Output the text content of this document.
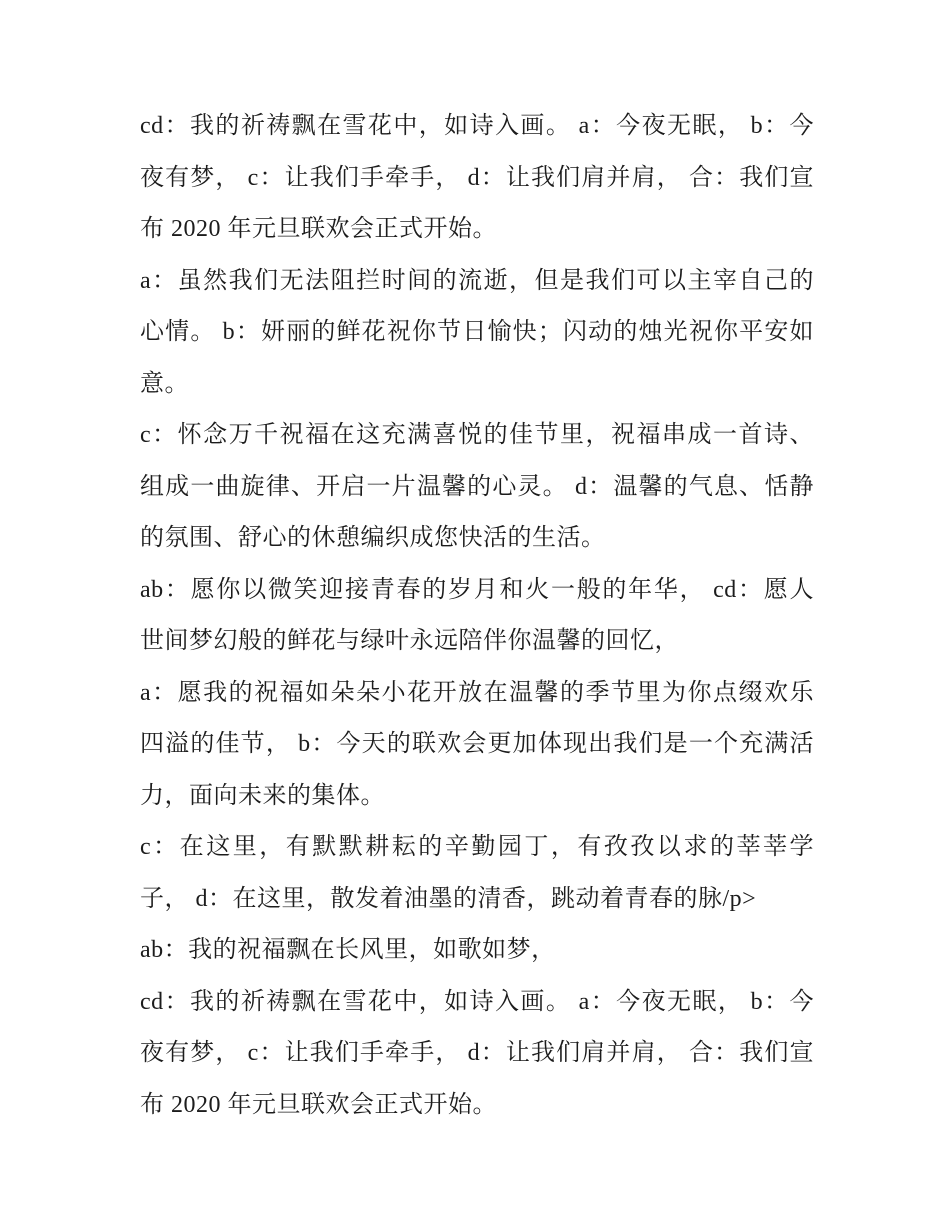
cd：我的祈祷飘在雪花中，如诗入画。 a：今夜无眠， b：今
夜有梦， c：让我们手牵手， d：让我们肩并肩， 合：我们宣
布 2020 年元旦联欢会正式开始。
a：虽然我们无法阻拦时间的流逝，但是我们可以主宰自己的
心情。 b：妍丽的鲜花祝你节日愉快；闪动的烛光祝你平安如
意。
c：怀念万千祝福在这充满喜悦的佳节里，祝福串成一首诗、
组成一曲旋律、开启一片温馨的心灵。 d：温馨的气息、恬静
的氛围、舒心的休憩编织成您快活的生活。
ab：愿你以微笑迎接青春的岁月和火一般的年华， cd：愿人
世间梦幻般的鲜花与绿叶永远陪伴你温馨的回忆，
a：愿我的祝福如朵朵小花开放在温馨的季节里为你点缀欢乐
四溢的佳节， b：今天的联欢会更加体现出我们是一个充满活
力，面向未来的集体。
c：在这里，有默默耕耘的辛勤园丁，有孜孜以求的莘莘学
子， d：在这里，散发着油墨的清香，跳动着青春的脉/p>
ab：我的祝福飘在长风里，如歌如梦，
cd：我的祈祷飘在雪花中，如诗入画。 a：今夜无眠， b：今
夜有梦， c：让我们手牵手， d：让我们肩并肩， 合：我们宣
布 2020 年元旦联欢会正式开始。
